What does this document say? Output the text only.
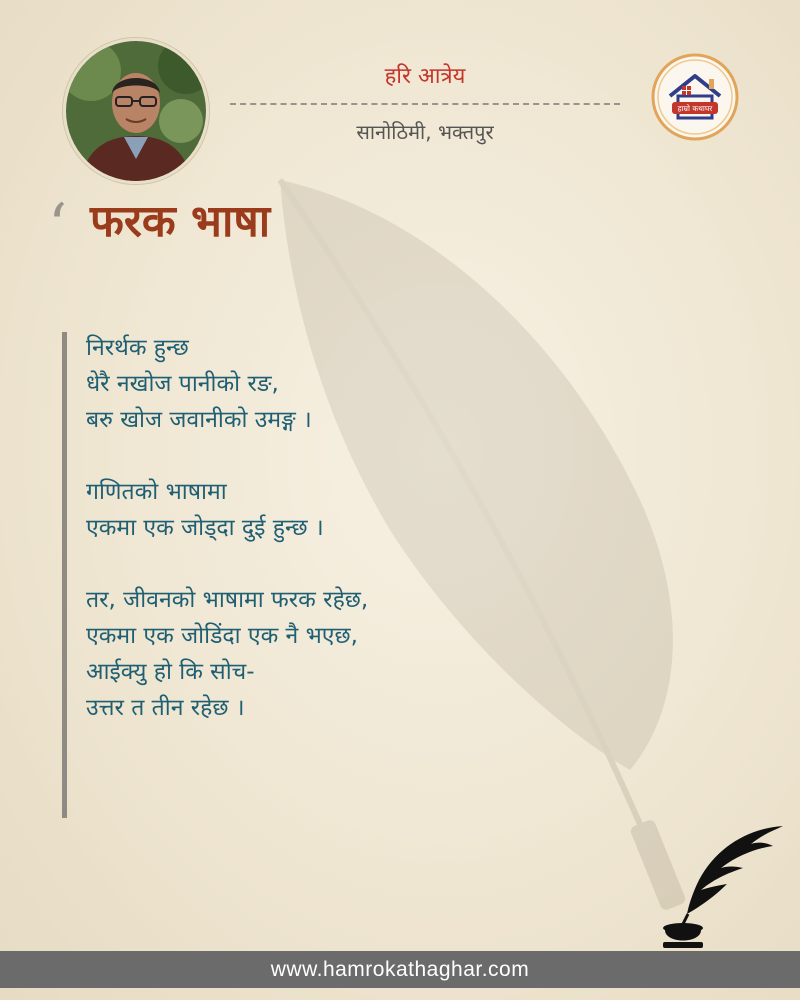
हरि आत्रेय
सानोठिमी, भक्तपुर
हाम्रो कथाघर
‘ फरक भाषा
निरर्थक हुन्छ
धेरै नखोज पानीको रङ,
बरु खोज जवानीको उमङ्ग ।
गणितको भाषामा
एकमा एक जोड्दा दुई हुन्छ ।
तर, जीवनको भाषामा फरक रहेछ,
एकमा एक जोडिंदा एक नै भएछ,
आईक्यु हो कि सोच-
उत्तर त तीन रहेछ ।
www.hamrokathaghar.com
